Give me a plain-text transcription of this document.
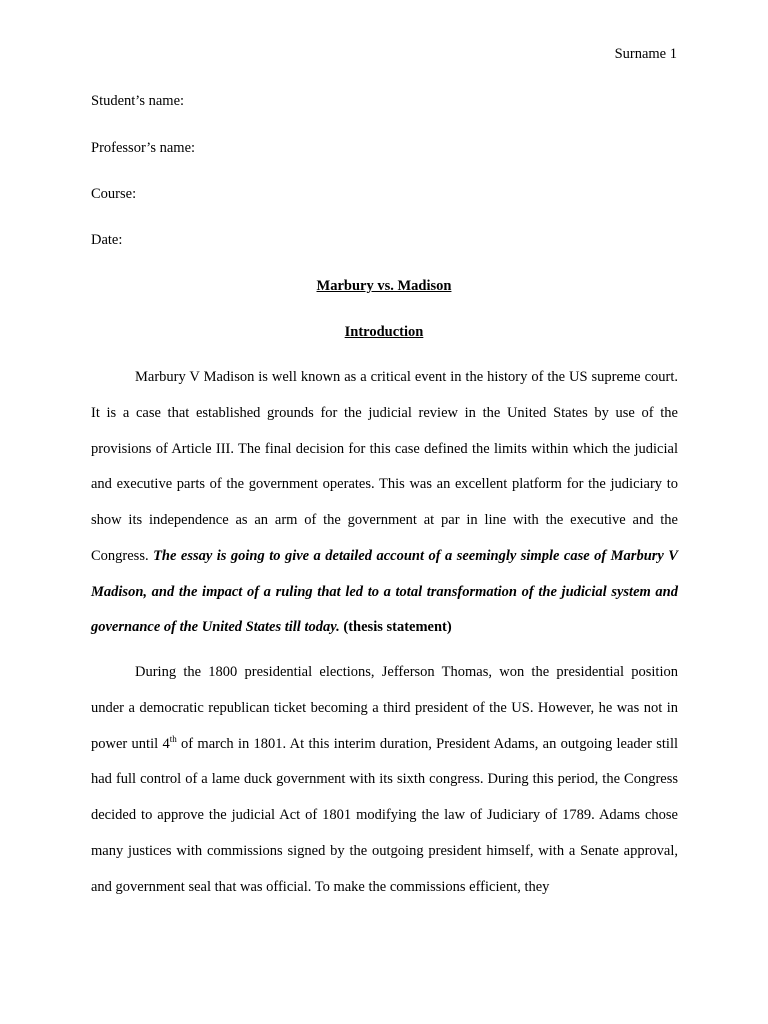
Surname 1
Student’s name:
Professor’s name:
Course:
Date:
Marbury vs. Madison
Introduction
Marbury V Madison is well known as a critical event in the history of the US supreme court. It is a case that established grounds for the judicial review in the United States by use of the provisions of Article III. The final decision for this case defined the limits within which the judicial and executive parts of the government operates. This was an excellent platform for the judiciary to show its independence as an arm of the government at par in line with the executive and the Congress. The essay is going to give a detailed account of a seemingly simple case of Marbury V Madison, and the impact of a ruling that led to a total transformation of the judicial system and governance of the United States till today. (thesis statement)
During the 1800 presidential elections, Jefferson Thomas, won the presidential position under a democratic republican ticket becoming a third president of the US. However, he was not in power until 4th of march in 1801. At this interim duration, President Adams, an outgoing leader still had full control of a lame duck government with its sixth congress. During this period, the Congress decided to approve the judicial Act of 1801 modifying the law of Judiciary of 1789. Adams chose many justices with commissions signed by the outgoing president himself, with a Senate approval, and government seal that was official. To make the commissions efficient, they
